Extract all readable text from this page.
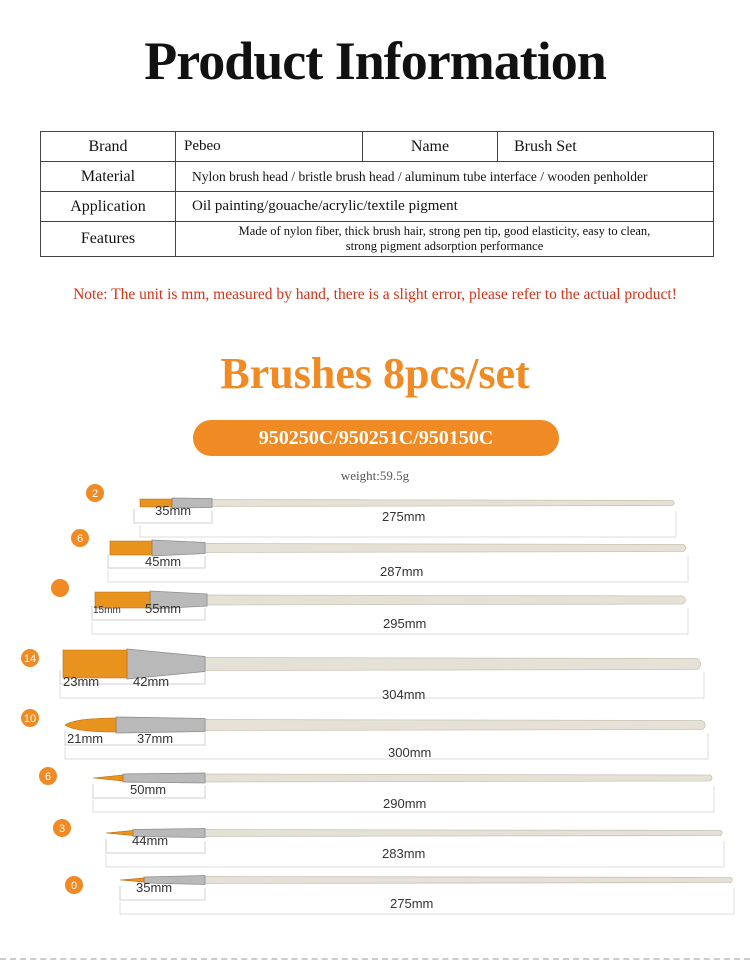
Product Information
Brand	Pebeo	Name	Brush Set
Material	Nylon brush head / bristle brush head / aluminum tube interface / wooden penholder		
Application	Oil painting/gouache/acrylic/textile pigment		
Features	Made of nylon fiber, thick brush hair, strong pen tip, good elasticity, easy to clean,
strong pigment adsorption performance		
Note: The unit is mm, measured by hand, there is a slight error, please refer to the actual product!
Brushes 8pcs/set
950250C/950251C/950150C
weight:59.5g
2
35mm	275mm
6
45mm
287mm
15mm 55mm
295mm
14
23mm	42mm
304mm
10
21mm	37mm
300mm
6
50mm
290mm
3
44mm
283mm
0	35mm
275mm
